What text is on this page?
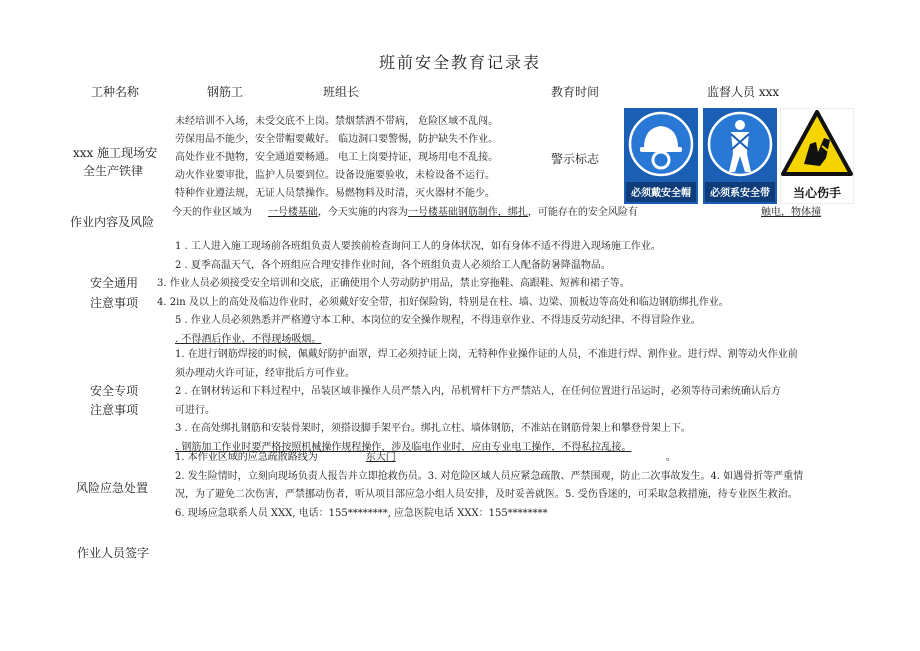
班前安全教育记录表
工种名称	钢筋工	班组长	教育时间	监督人员 xxx
xxx 施工现场安
全生产铁律
未经培训不入场，未受交底不上岗。禁烟禁酒不带病， 危险区域不乱闯。
劳保用品不能少，安全带帽要戴好。 临边洞口要警惕，防护缺失不作业。
高处作业不抛物，安全通道要畅通。 电工上岗要持证，现场用电不乱接。
动火作业要审批，监护人员要到位。设备设施要验收，未检设备不运行。
特种作业遵法规，无证人员禁操作。易燃物料及时清，灭火器材不能少。
警示标志
必须戴安全帽 必须系安全带 当心伤手
作业内容及风险
今天的作业区域为 一号楼基础，今天实施的内容为一号楼基础钢筋制作，绑扎，可能存在的安全风险有	触电，物体撞
安全通用
注意事项
1 . 工人进入施工现场前各班组负责人要挨前检查询问工人的身体状况，如有身体不适不得进入现场施工作业。
2 . 夏季高温天气，各个班组应合理安排作业时间，各个班组负责人必须给工人配备防暑降温物品。
3. 作业人员必须接受安全培训和交底，正确使用个人劳动防护用品，禁止穿拖鞋、高跟鞋、短裤和裙子等。
4. 2in 及以上的高处及临边作业时，必须戴好安全带，扣好保险钩，特别是在柱、墙、边梁、顶板边等高处和临边钢筋绑扎作业。
5 . 作业人员必须熟悉并严格遵守本工种、本岗位的安全操作规程，不得违章作业、不得违反劳动纪律、不得冒险作业。
. 不得酒后作业、不得现场吸烟。
安全专项
注意事项
1. 在进行钢筋焊接的时候，佩戴好防护面罩，焊工必须持证上岗，无特种作业操作证的人员，不准进行焊、割作业。进行焊、割等动火作业前
须办理动火许可证，经审批后方可作业。
2 . 在钢材转运和下料过程中，吊装区域非操作人员严禁入内，吊机臂杆下方严禁站人，在任何位置进行吊运时，必须等待司索统确认后方
可进行。
3 . 在高处绑扎钢筋和安装骨架时，须搭设脚手架平台。绑扎立柱、墙体钢筋，不准站在钢筋骨架上和攀登骨架上下。
. 钢筋加工作业时要严格按照机械操作规程操作，涉及临电作业时，应由专业电工操作，不得私拉乱接。
风险应急处置
1. 本作业区域的应急疏散路线为	东大门	。
2. 发生险情时，立刻向现场负责人报告并立即抢救伤员。3. 对危险区域人员应紧急疏散、严禁围观，防止二次事故发生。4. 如遇骨折等严重情
况，为了避免二次伤害，严禁挪动伤者，听从项目部应急小组人员安排，及时妥善就医。5. 受伤昏迷的，可采取急救措施，待专业医生救治。
6. 现场应急联系人员 XXX, 电话：155********, 应急医院电话 XXX：155********
作业人员签字
